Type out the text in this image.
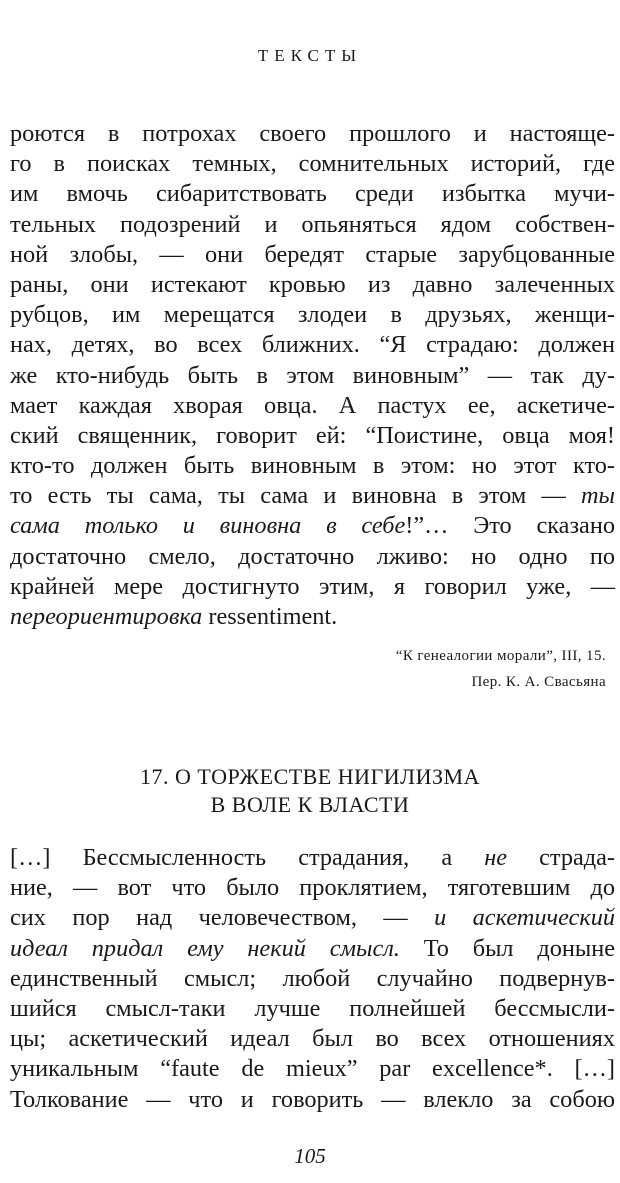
ТЕКСТЫ
роются в потрохах своего прошлого и настояще-
го в поисках темных, сомнительных историй, где
им вмочь сибаритствовать среди избытка мучи-
тельных подозрений и опьяняться ядом собствен-
ной злобы, — они бередят старые зарубцованные
раны, они истекают кровью из давно залеченных
рубцов, им мерещатся злодеи в друзьях, женщи-
нах, детях, во всех ближних. “Я страдаю: должен
же кто-нибудь быть в этом виновным” — так ду-
мает каждая хворая овца. А пастух ее, аскетиче-
ский священник, говорит ей: “Поистине, овца моя!
кто-то должен быть виновным в этом: но этот кто-
то есть ты сама, ты сама и виновна в этом — ты
сама только и виновна в себе!”… Это сказано
достаточно смело, достаточно лживо: но одно по
крайней мере достигнуто этим, я говорил уже, —
переориентировка ressentiment.
“К генеалогии морали”, III, 15.
Пер. К. А. Свасьяна
17. О ТОРЖЕСТВЕ НИГИЛИЗМА
В ВОЛЕ К ВЛАСТИ
[…] Бессмысленность страдания, а не страда-
ние, — вот что было проклятием, тяготевшим до
сих пор над человечеством, — и аскетический
идеал придал ему некий смысл. То был доныне
единственный смысл; любой случайно подвернув-
шийся смысл-таки лучше полнейшей бессмысли-
цы; аскетический идеал был во всех отношениях
уникальным “faute de mieux” par excellence*. […]
Толкование — что и говорить — влекло за собою
105
